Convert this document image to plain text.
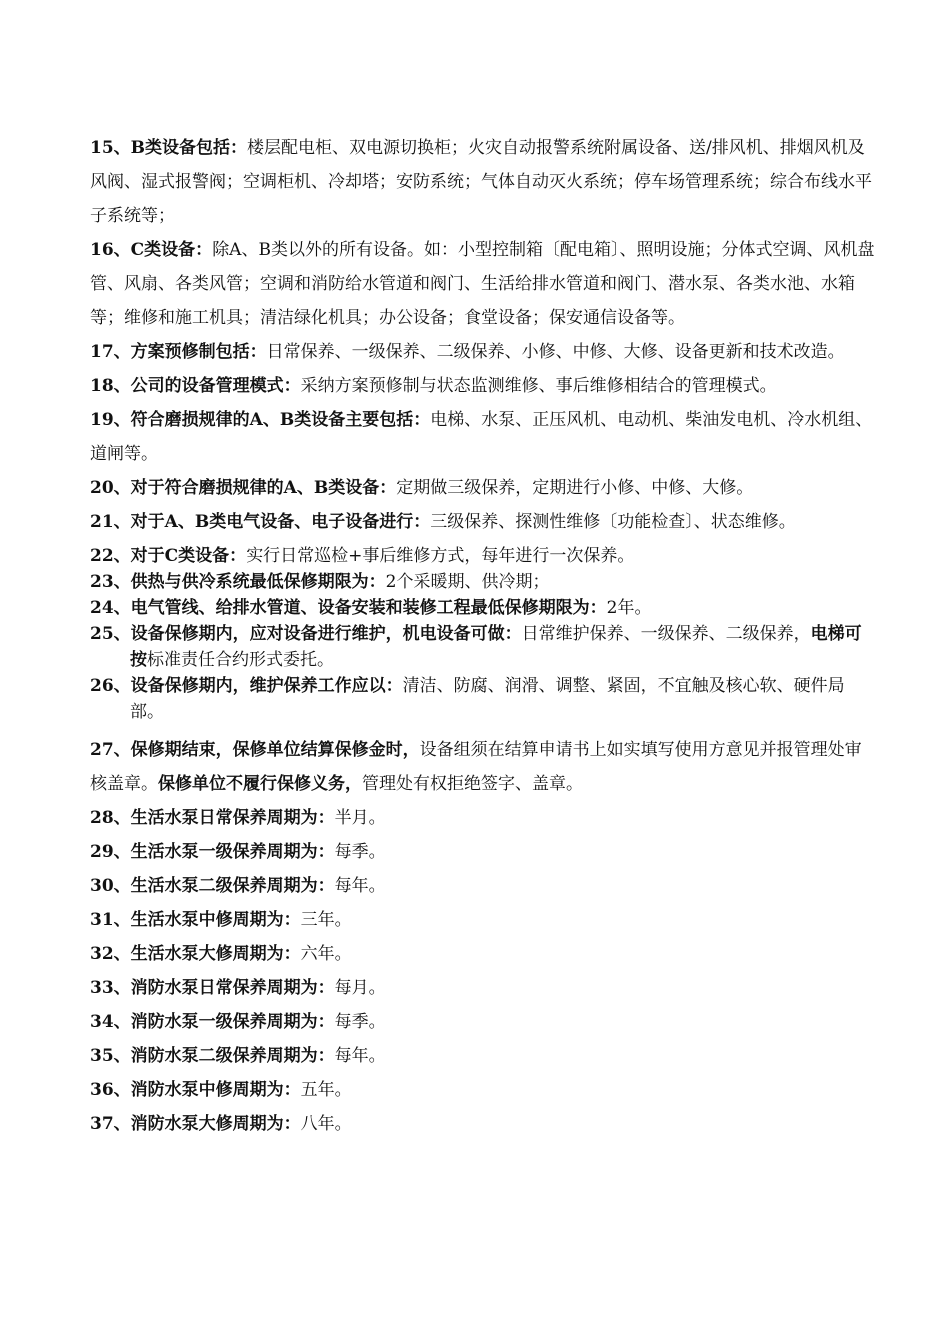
15、B类设备包括：楼层配电柜、双电源切换柜；火灾自动报警系统附属设备、送/排风机、排烟风机及风阀、湿式报警阀；空调柜机、冷却塔；安防系统；气体自动灭火系统；停车场管理系统；综合布线水平子系统等；

16、C类设备：除A、B类以外的所有设备。如：小型控制箱〔配电箱〕、照明设施；分体式空调、风机盘管、风扇、各类风管；空调和消防给水管道和阀门、生活给排水管道和阀门、潜水泵、各类水池、水箱等；维修和施工机具；清洁绿化机具；办公设备；食堂设备；保安通信设备等。

17、方案预修制包括：日常保养、一级保养、二级保养、小修、中修、大修、设备更新和技术改造。

18、公司的设备管理模式：采纳方案预修制与状态监测维修、事后维修相结合的管理模式。

19、符合磨损规律的A、B类设备主要包括：电梯、水泵、正压风机、电动机、柴油发电机、冷水机组、道闸等。

20、对于符合磨损规律的A、B类设备：定期做三级保养，定期进行小修、中修、大修。

21、对于A、B类电气设备、电子设备进行：三级保养、探测性维修〔功能检查〕、状态维修。

22、对于C类设备：实行日常巡检+事后维修方式，每年进行一次保养。

23、供热与供冷系统最低保修期限为：2个采暖期、供冷期；

24、电气管线、给排水管道、设备安装和装修工程最低保修期限为：2年。

25、设备保修期内，应对设备进行维护，机电设备可做：日常维护保养、一级保养、二级保养，电梯可按标准责任合约形式委托。

26、设备保修期内，维护保养工作应以：清洁、防腐、润滑、调整、紧固，不宜触及核心软、硬件局部。

27、保修期结束，保修单位结算保修金时，设备组须在结算申请书上如实填写使用方意见并报管理处审核盖章。保修单位不履行保修义务，管理处有权拒绝签字、盖章。

28、生活水泵日常保养周期为：半月。

29、生活水泵一级保养周期为：每季。

30、生活水泵二级保养周期为：每年。

31、生活水泵中修周期为：三年。

32、生活水泵大修周期为：六年。

33、消防水泵日常保养周期为：每月。

34、消防水泵一级保养周期为：每季。

35、消防水泵二级保养周期为：每年。

36、消防水泵中修周期为：五年。

37、消防水泵大修周期为：八年。
